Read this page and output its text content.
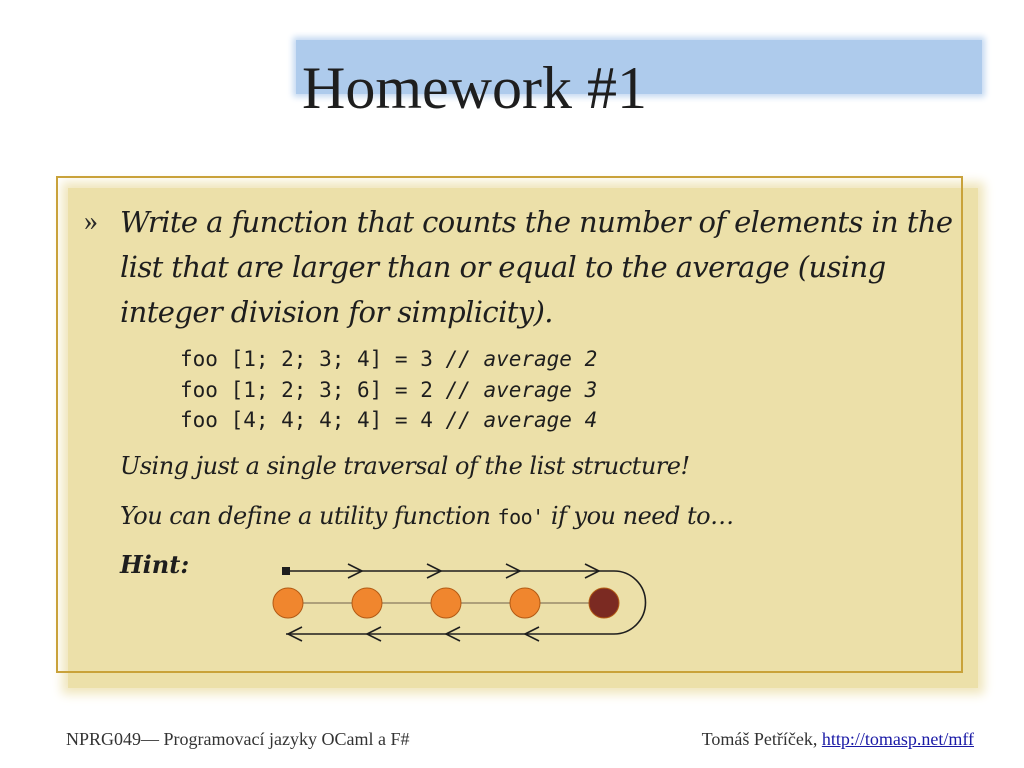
Homework #1
» Write a function that counts the number of elements in the list that are larger than or equal to the average (using integer division for simplicity).
foo [1; 2; 3; 4] = 3 // average 2
foo [1; 2; 3; 6] = 2 // average 3
foo [4; 4; 4; 4] = 4 // average 4
Using just a single traversal of the list structure!
You can define a utility function foo' if you need to…
Hint:
NPRG049— Programovací jazyky OCaml a F#	Tomáš Petříček, http://tomasp.net/mff
